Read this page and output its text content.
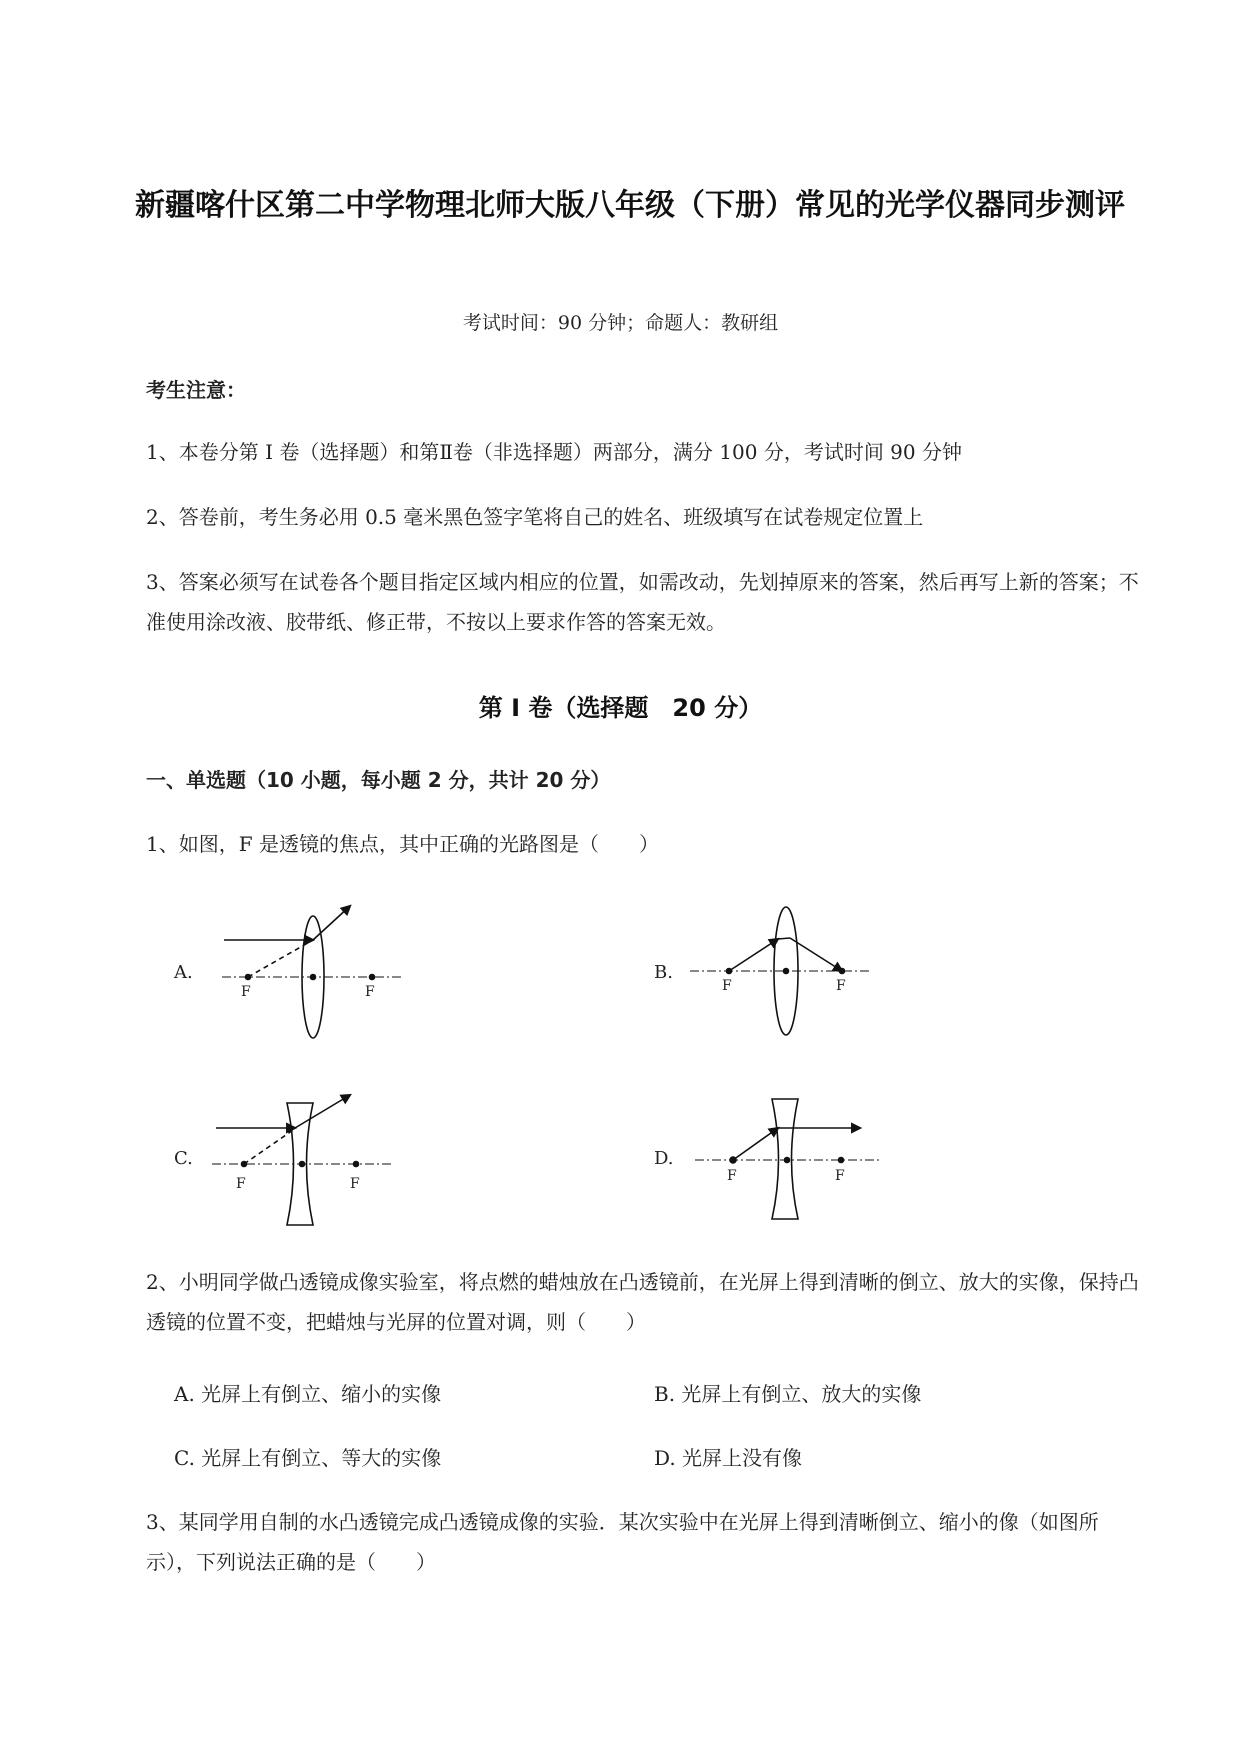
新疆喀什区第二中学物理北师大版八年级（下册）常见的光学仪器同步测评
考试时间：90 分钟；命题人：教研组
考生注意：
1、本卷分第 I 卷（选择题）和第Ⅱ卷（非选择题）两部分，满分 100 分，考试时间 90 分钟
2、答卷前，考生务必用 0.5 毫米黑色签字笔将自己的姓名、班级填写在试卷规定位置上
3、答案必须写在试卷各个题目指定区域内相应的位置，如需改动，先划掉原来的答案，然后再写上新的答案；不准使用涂改液、胶带纸、修正带，不按以上要求作答的答案无效。
第 I 卷（选择题　20 分）
一、单选题（10 小题，每小题 2 分，共计 20 分）
1、如图，F 是透镜的焦点，其中正确的光路图是（　　）
A.	B.
C.	D.
F	F	F	F
F	F	F	F
2、小明同学做凸透镜成像实验室，将点燃的蜡烛放在凸透镜前，在光屏上得到清晰的倒立、放大的实像，保持凸透镜的位置不变，把蜡烛与光屏的位置对调，则（　　）
A. 光屏上有倒立、缩小的实像	B. 光屏上有倒立、放大的实像
C. 光屏上有倒立、等大的实像	D. 光屏上没有像
3、某同学用自制的水凸透镜完成凸透镜成像的实验．某次实验中在光屏上得到清晰倒立、缩小的像（如图所示），下列说法正确的是（　　）
